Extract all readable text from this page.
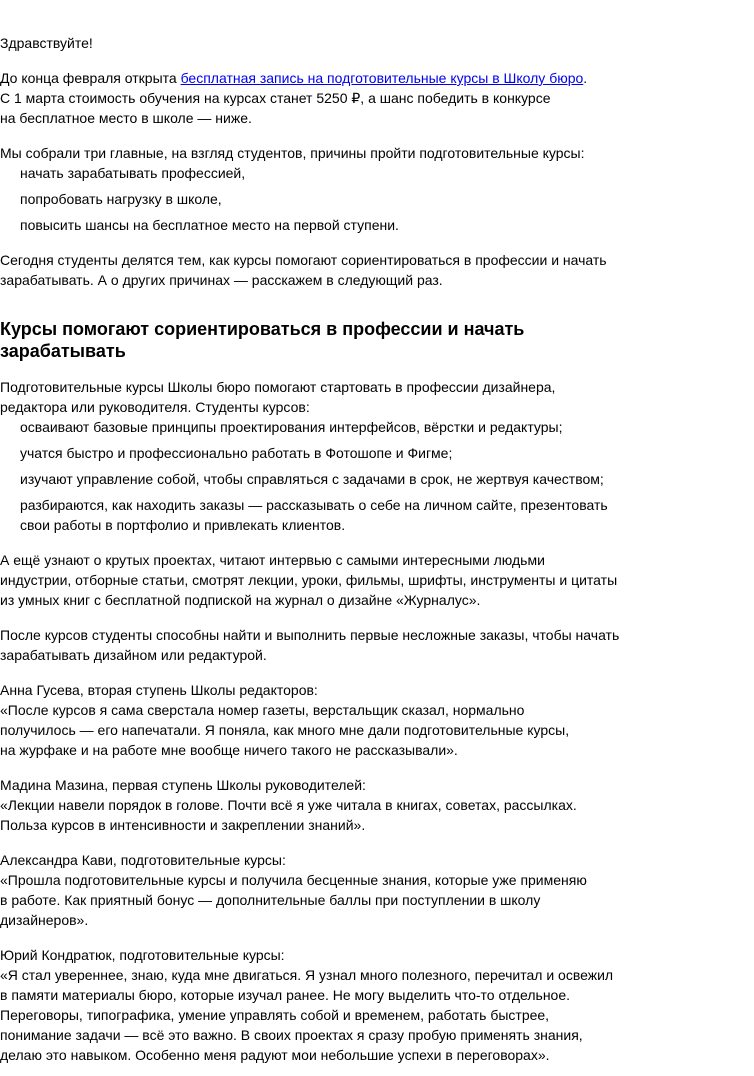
Здравствуйте!

До конца февраля открыта бесплатная запись на подготовительные курсы в Школу бюро.
С 1 марта стоимость обучения на курсах станет 5250 ₽, а шанс победить в конкурсе
на бесплатное место в школе — ниже.

Мы собрали три главные, на взгляд студентов, причины пройти подготовительные курсы:

начать зарабатывать профессией,
попробовать нагрузку в школе,
повысить шансы на бесплатное место на первой ступени.

Сегодня студенты делятся тем, как курсы помогают сориентироваться в профессии и начать
зарабатывать. А о других причинах — расскажем в следующий раз.

Курсы помогают сориентироваться в профессии и начать
зарабатывать

Подготовительные курсы Школы бюро помогают стартовать в профессии дизайнера,
редактора или руководителя. Студенты курсов:

осваивают базовые принципы проектирования интерфейсов, вёрстки и редактуры;
учатся быстро и профессионально работать в Фотошопе и Фигме;
изучают управление собой, чтобы справляться с задачами в срок, не жертвуя качеством;
разбираются, как находить заказы — рассказывать о себе на личном сайте, презентовать
свои работы в портфолио и привлекать клиентов.

А ещё узнают о крутых проектах, читают интервью с самыми интересными людьми
индустрии, отборные статьи, смотрят лекции, уроки, фильмы, шрифты, инструменты и цитаты
из умных книг с бесплатной подпиской на журнал о дизайне «Журналус».

После курсов студенты способны найти и выполнить первые несложные заказы, чтобы начать
зарабатывать дизайном или редактурой.

Анна Гусева, вторая ступень Школы редакторов:
«После курсов я сама сверстала номер газеты, верстальщик сказал, нормально
получилось — его напечатали. Я поняла, как много мне дали подготовительные курсы,
на журфаке и на работе мне вообще ничего такого не рассказывали».
Мадина Мазина, первая ступень Школы руководителей:
«Лекции навели порядок в голове. Почти всё я уже читала в книгах, советах, рассылках.
Польза курсов в интенсивности и закреплении знаний».
Александра Кави, подготовительные курсы:
«Прошла подготовительные курсы и получила бесценные знания, которые уже применяю
в работе. Как приятный бонус — дополнительные баллы при поступлении в школу
дизайнеров».
Юрий Кондратюк, подготовительные курсы:
«Я стал увереннее, знаю, куда мне двигаться. Я узнал много полезного, перечитал и освежил
в памяти материалы бюро, которые изучал ранее. Не могу выделить что-то отдельное.
Переговоры, типографика, умение управлять собой и временем, работать быстрее,
понимание задачи — всё это важно. В своих проектах я сразу пробую применять знания,
делаю это навыком. Особенно меня радуют мои небольшие успехи в переговорах».
